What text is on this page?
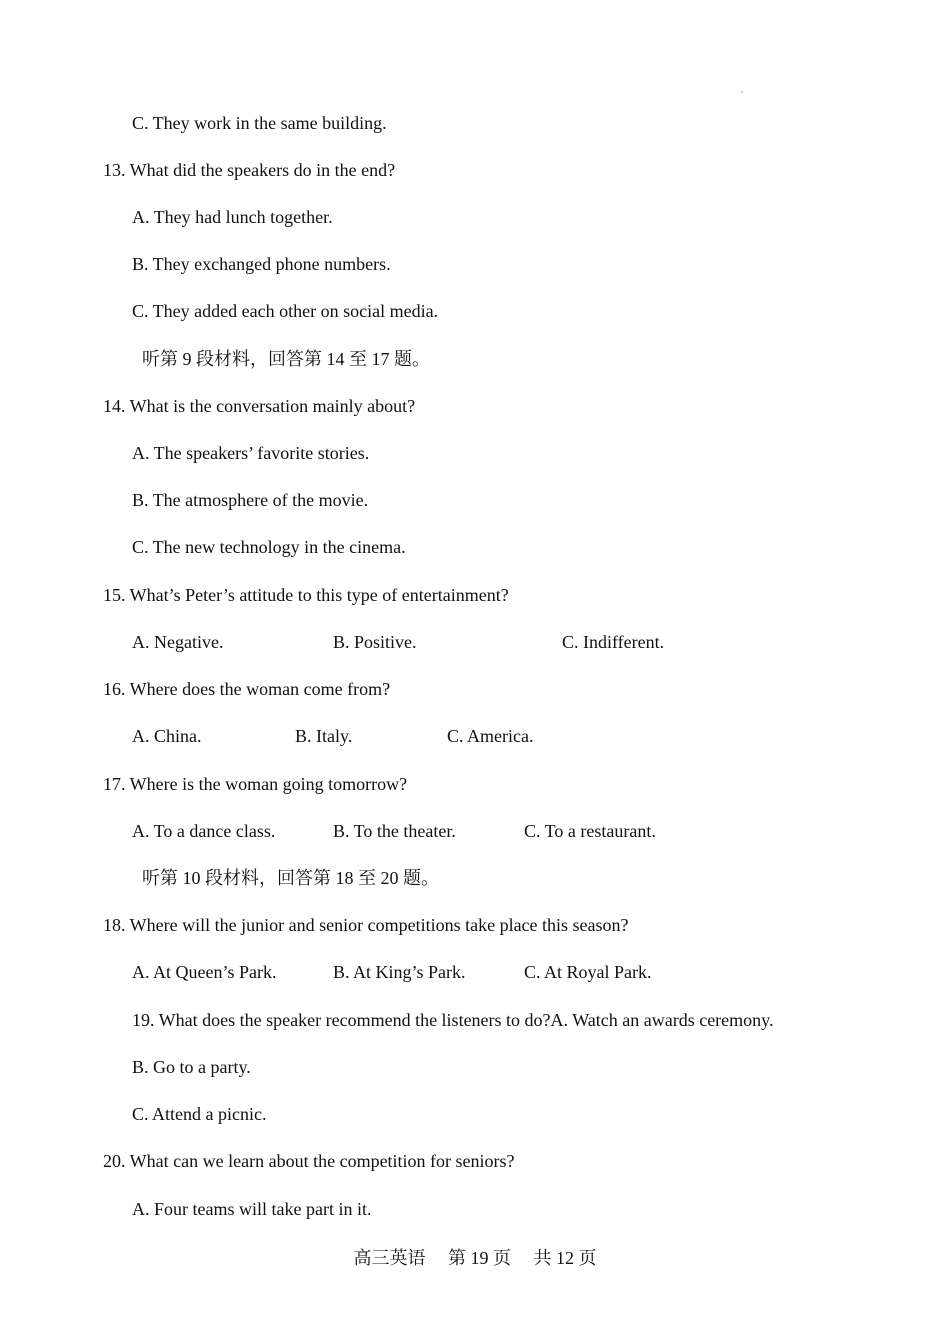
C. They work in the same building.
13. What did the speakers do in the end?
A. They had lunch together.
B. They exchanged phone numbers.
C. They added each other on social media.
听第 9 段材料，回答第 14 至 17 题。
14. What is the conversation mainly about?
A. The speakers’ favorite stories.
B. The atmosphere of the movie.
C. The new technology in the cinema.
15. What’s Peter’s attitude to this type of entertainment?
A. Negative.	B. Positive.	C. Indifferent.
16. Where does the woman come from?
A. China.	B. Italy.	C. America.
17. Where is the woman going tomorrow?
A. To a dance class.	B. To the theater.	C. To a restaurant.
听第 10 段材料，回答第 18 至 20 题。
18. Where will the junior and senior competitions take place this season?
A. At Queen’s Park.	B. At King’s Park.	C. At Royal Park.
19. What does the speaker recommend the listeners to do?A. Watch an awards ceremony.
B. Go to a party.
C. Attend a picnic.
20. What can we learn about the competition for seniors?
A. Four teams will take part in it.
高三英语 第 19 页 共 12 页
